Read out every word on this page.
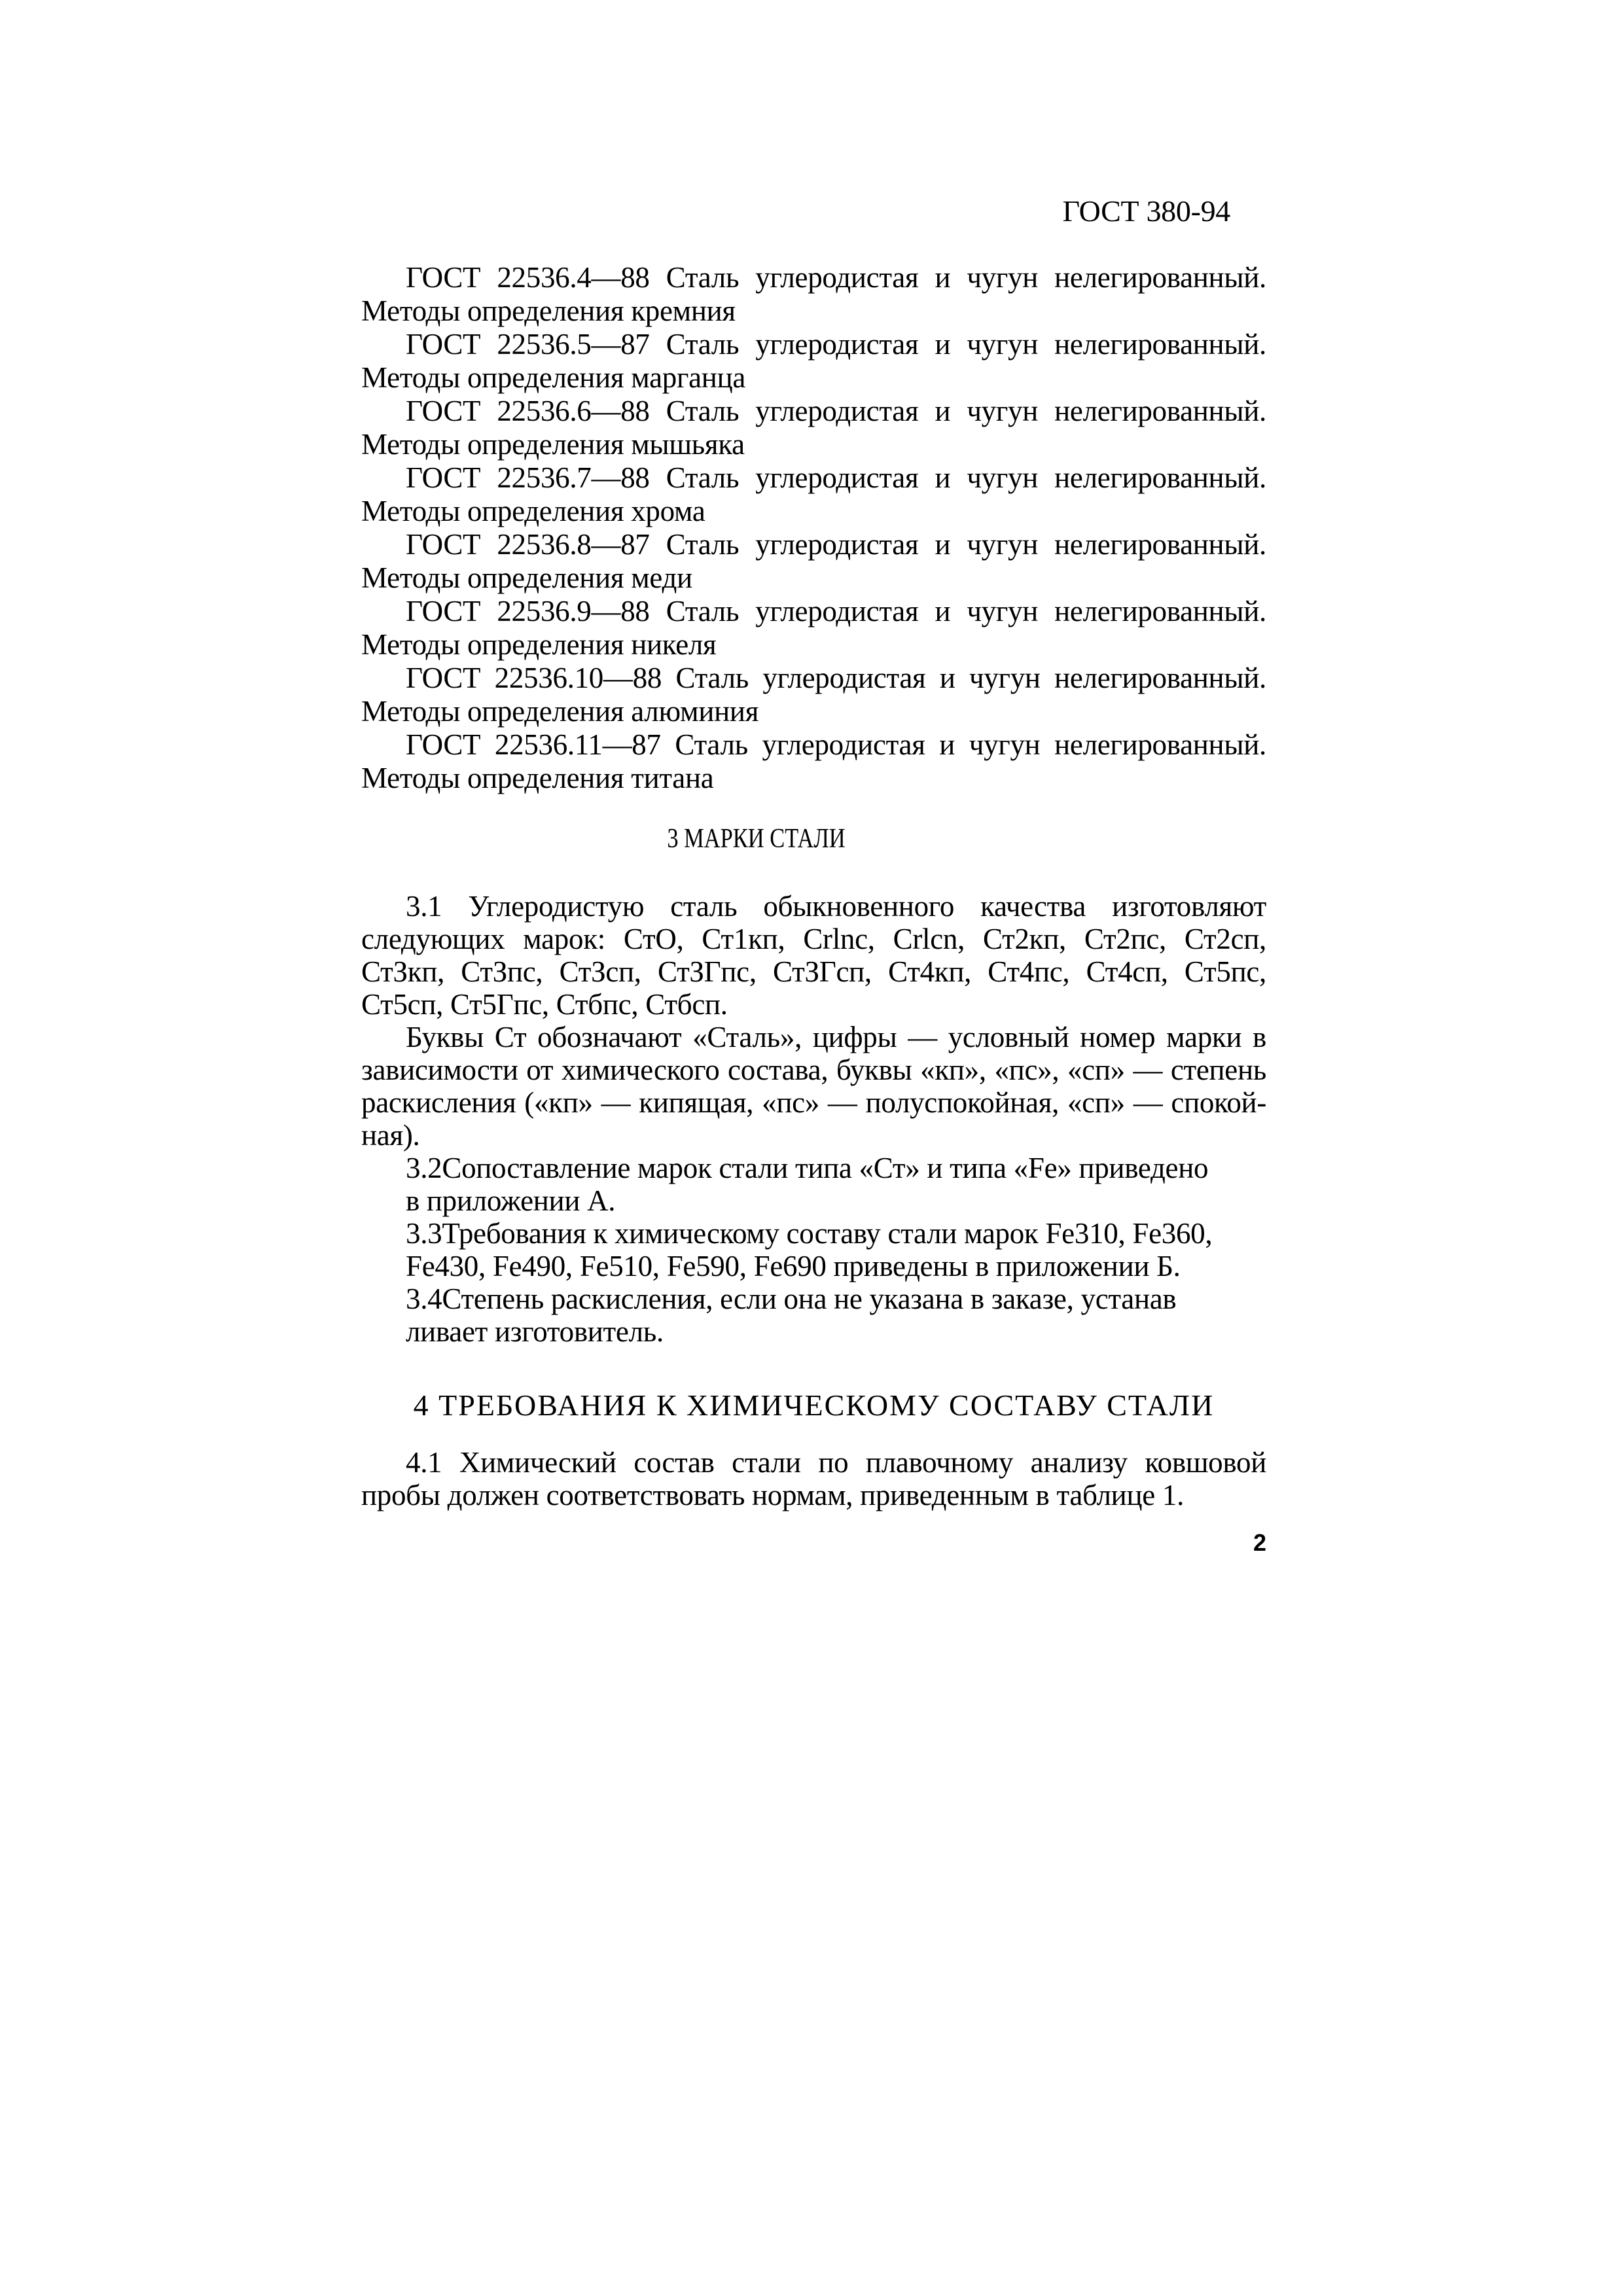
ГОСТ 380-94
ГОСТ 22536.4—88 Сталь углеродистая и чугун нелегированный.
Методы определения кремния
ГОСТ 22536.5—87 Сталь углеродистая и чугун нелегированный.
Методы определения марганца
ГОСТ 22536.6—88 Сталь углеродистая и чугун нелегированный.
Методы определения мышьяка
ГОСТ 22536.7—88 Сталь углеродистая и чугун нелегированный.
Методы определения хрома
ГОСТ 22536.8—87 Сталь углеродистая и чугун нелегированный.
Методы определения меди
ГОСТ 22536.9—88 Сталь углеродистая и чугун нелегированный.
Методы определения никеля
ГОСТ 22536.10—88 Сталь углеродистая и чугун нелегированный.
Методы определения алюминия
ГОСТ 22536.11—87 Сталь углеродистая и чугун нелегированный.
Методы определения титана
3 МАРКИ СТАЛИ
3.1 Углеродистую сталь обыкновенного качества изготовляют
следующих марок: СтО, Ст1кп, Crlnc, Crlcn, Ст2кп, Ст2пс, Ст2сп,
СтЗкп, СтЗпс, СтЗсп, СтЗГпс, СтЗГсп, Ст4кп, Ст4пс, Ст4сп, Ст5пс,
Ст5сп, Ст5Гпс, Стбпс, Стбсп.
Буквы Ст обозначают «Сталь», цифры — условный номер марки в
зависимости от химического состава, буквы «кп», «пс», «сп» — степень
раскисления («кп» — кипящая, «пс» — полуспокойная, «сп» — спокой-
ная).
3.2Сопоставление марок стали типа «Ст» и типа «Fe» приведено
в приложении А.
3.3Требования к химическому составу стали марок Fe310, Fe360,
Fe430, Fe490, Fe510, Fe590, Fe690 приведены в приложении Б.
3.4Степень раскисления, если она не указана в заказе, устанав
ливает изготовитель.
4 ТРЕБОВАНИЯ К ХИМИЧЕСКОМУ СОСТАВУ СТАЛИ
4.1 Химический состав стали по плавочному анализу ковшовой
пробы должен соответствовать нормам, приведенным в таблице 1.
2
